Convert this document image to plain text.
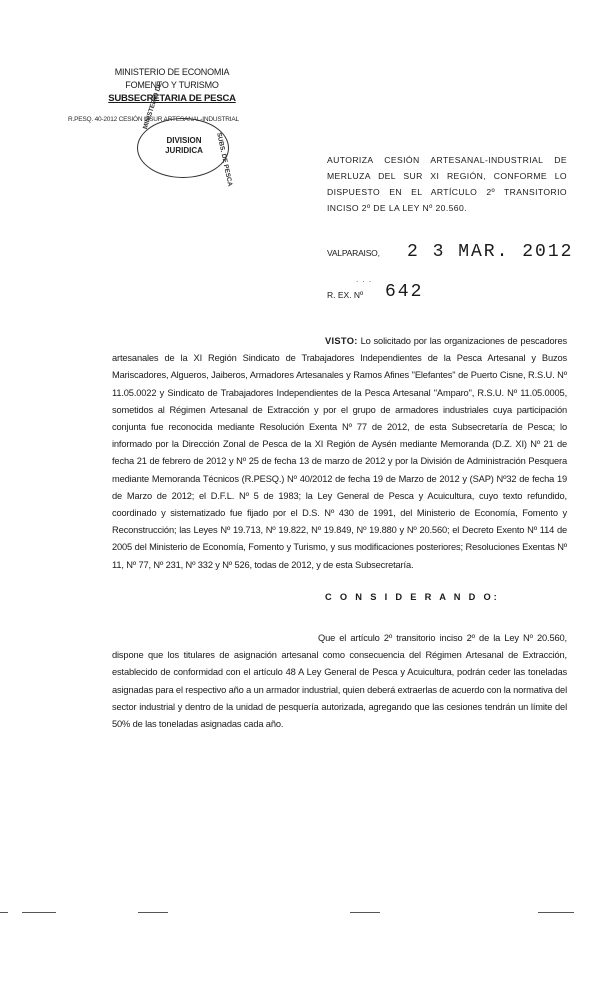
MINISTERIO DE ECONOMIA
FOMENTO Y TURISMO
SUBSECRETARIA DE PESCA
R.PESQ. 40-2012 CESIÓN MSUR ARTESANAL-INDUSTRIAL
MINISTERIO DE
SUBS. DE PESCA
DIVISION
JURIDICA
AUTORIZA CESIÓN ARTESANAL-INDUSTRIAL DE MERLUZA DEL SUR XI REGIÓN, CONFORME LO DISPUESTO EN EL ARTÍCULO 2º TRANSITORIO INCISO 2º DE LA LEY Nº 20.560.
VALPARAISO, 2 3 MAR. 2012
. . .
R. EX. Nº 642
VISTO: Lo solicitado por las organizaciones de pescadores artesanales de la XI Región Sindicato de Trabajadores Independientes de la Pesca Artesanal y Buzos Mariscadores, Algueros, Jaiberos, Armadores Artesanales y Ramos Afines "Elefantes" de Puerto Cisne, R.S.U. Nº 11.05.0022 y Sindicato de Trabajadores Independientes de la Pesca Artesanal "Amparo", R.S.U. Nº 11.05.0005, sometidos al Régimen Artesanal de Extracción y por el grupo de armadores industriales cuya participación conjunta fue reconocida mediante Resolución Exenta Nº 77 de 2012, de esta Subsecretaría de Pesca; lo informado por la Dirección Zonal de Pesca de la XI Región de Aysén mediante Memoranda (D.Z. XI) Nº 21 de fecha 21 de febrero de 2012 y Nº 25 de fecha 13 de marzo de 2012 y por la División de Administración Pesquera mediante Memoranda Técnicos (R.PESQ.) Nº 40/2012 de fecha 19 de Marzo de 2012 y (SAP) Nº32 de fecha 19 de Marzo de 2012; el D.F.L. Nº 5 de 1983; la Ley General de Pesca y Acuicultura, cuyo texto refundido, coordinado y sistematizado fue fijado por el D.S. Nº 430 de 1991, del Ministerio de Economía, Fomento y Reconstrucción; las Leyes Nº 19.713, Nº 19.822, Nº 19.849, Nº 19.880 y Nº 20.560; el Decreto Exento Nº 114 de 2005 del Ministerio de Economía, Fomento y Turismo, y sus modificaciones posteriores; Resoluciones Exentas Nº 11, Nº 77, Nº 231, Nº 332 y Nº 526, todas de 2012, y de esta Subsecretaría.
C O N S I D E R A N D O:
Que el artículo 2º transitorio inciso 2º de la Ley Nº 20.560, dispone que los titulares de asignación artesanal como consecuencia del Régimen Artesanal de Extracción, establecido de conformidad con el artículo 48 A Ley General de Pesca y Acuicultura, podrán ceder las toneladas asignadas para el respectivo año a un armador industrial, quien deberá extraerlas de acuerdo con la normativa del sector industrial y dentro de la unidad de pesquería autorizada, agregando que las cesiones tendrán un límite del 50% de las toneladas asignadas cada año.
